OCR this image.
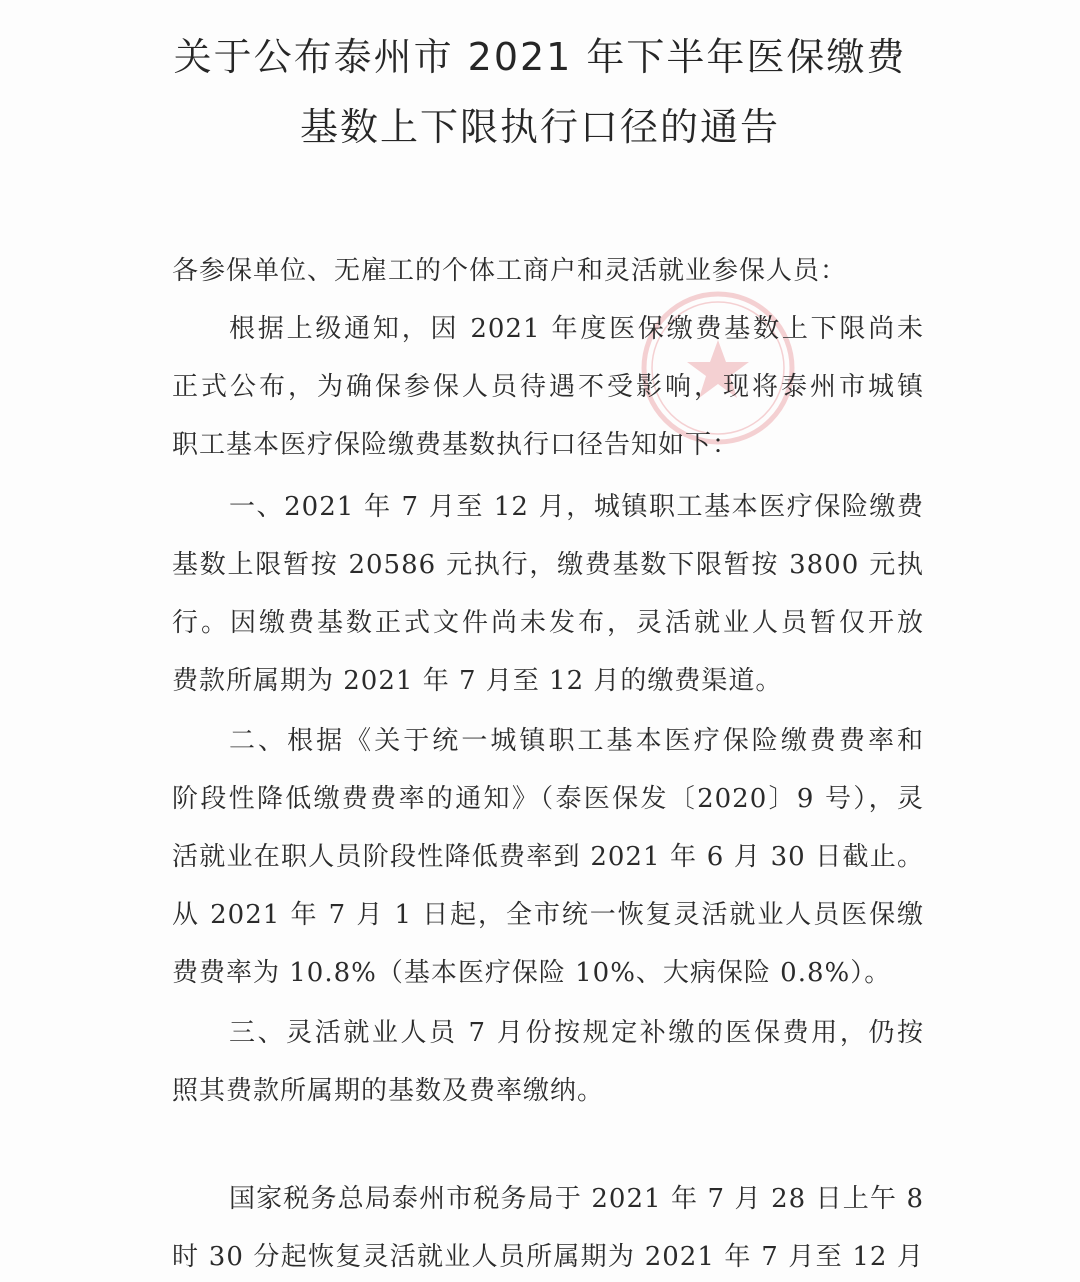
关于公布泰州市 2021 年下半年医保缴费
基数上下限执行口径的通告
各参保单位、无雇工的个体工商户和灵活就业参保人员：
根据上级通知，因 2021 年度医保缴费基数上下限尚未
正式公布，为确保参保人员待遇不受影响，现将泰州市城镇
职工基本医疗保险缴费基数执行口径告知如下：
一、2021 年 7 月至 12 月，城镇职工基本医疗保险缴费
基数上限暂按 20586 元执行，缴费基数下限暂按 3800 元执
行。因缴费基数正式文件尚未发布，灵活就业人员暂仅开放
费款所属期为 2021 年 7 月至 12 月的缴费渠道。
二、根据《关于统一城镇职工基本医疗保险缴费费率和
阶段性降低缴费费率的通知》（泰医保发〔2020〕9 号），灵
活就业在职人员阶段性降低费率到 2021 年 6 月 30 日截止。
从 2021 年 7 月 1 日起，全市统一恢复灵活就业人员医保缴
费费率为 10.8%（基本医疗保险 10%、大病保险 0.8%）。
三、灵活就业人员 7 月份按规定补缴的医保费用，仍按
照其费款所属期的基数及费率缴纳。
国家税务总局泰州市税务局于 2021 年 7 月 28 日上午 8
时 30 分起恢复灵活就业人员所属期为 2021 年 7 月至 12 月
